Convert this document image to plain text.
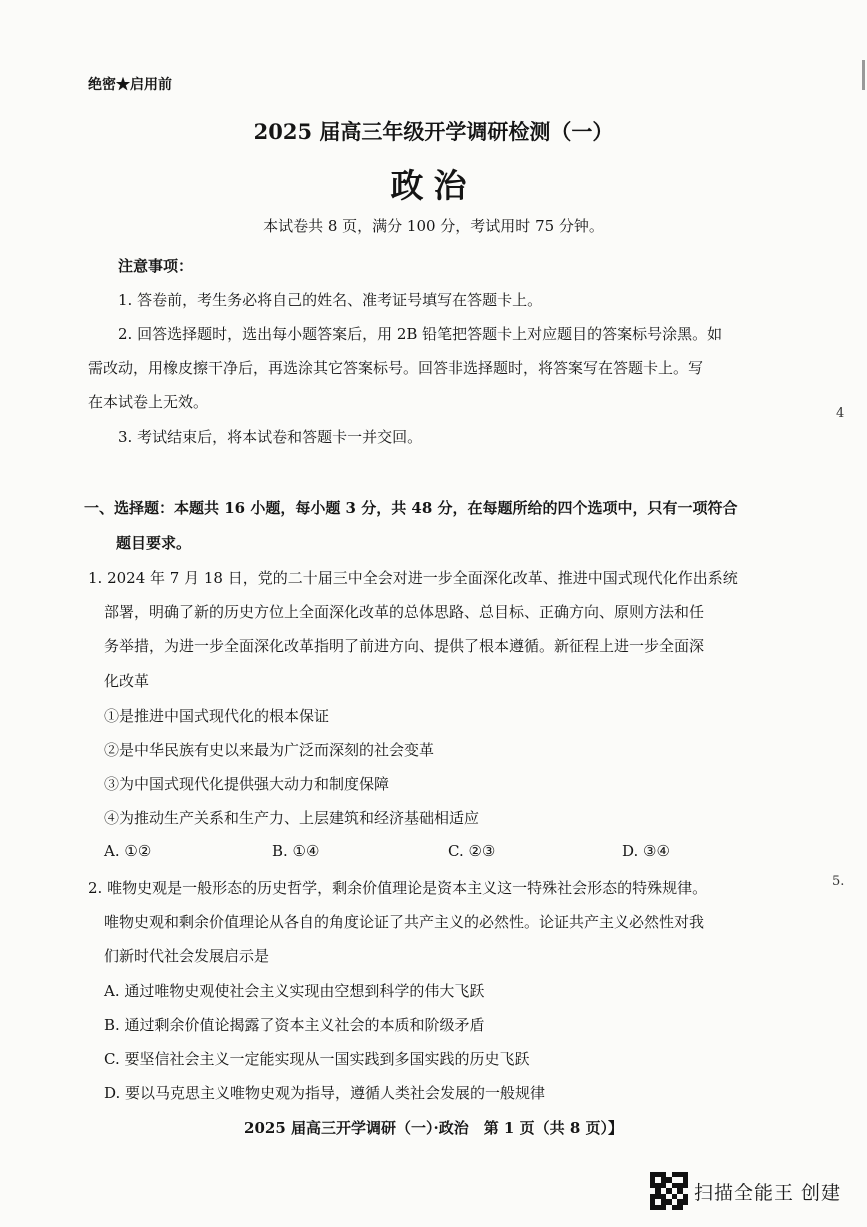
绝密★启用前
2025 届高三年级开学调研检测（一）
政治
本试卷共 8 页，满分 100 分，考试用时 75 分钟。
注意事项：
1. 答卷前，考生务必将自己的姓名、准考证号填写在答题卡上。
2. 回答选择题时，选出每小题答案后，用 2B 铅笔把答题卡上对应题目的答案标号涂黑。如
需改动，用橡皮擦干净后，再选涂其它答案标号。回答非选择题时，将答案写在答题卡上。写
在本试卷上无效。
3. 考试结束后，将本试卷和答题卡一并交回。
一、选择题：本题共 16 小题，每小题 3 分，共 48 分，在每题所给的四个选项中，只有一项符合
题目要求。
1. 2024 年 7 月 18 日，党的二十届三中全会对进一步全面深化改革、推进中国式现代化作出系统
部署，明确了新的历史方位上全面深化改革的总体思路、总目标、正确方向、原则方法和任
务举措，为进一步全面深化改革指明了前进方向、提供了根本遵循。新征程上进一步全面深
化改革
①是推进中国式现代化的根本保证
②是中华民族有史以来最为广泛而深刻的社会变革
③为中国式现代化提供强大动力和制度保障
④为推动生产关系和生产力、上层建筑和经济基础相适应
A. ①②	B. ①④	C. ②③	D. ③④
2. 唯物史观是一般形态的历史哲学，剩余价值理论是资本主义这一特殊社会形态的特殊规律。
唯物史观和剩余价值理论从各自的角度论证了共产主义的必然性。论证共产主义必然性对我
们新时代社会发展启示是
A. 通过唯物史观使社会主义实现由空想到科学的伟大飞跃
B. 通过剩余价值论揭露了资本主义社会的本质和阶级矛盾
C. 要坚信社会主义一定能实现从一国实践到多国实践的历史飞跃
D. 要以马克思主义唯物史观为指导，遵循人类社会发展的一般规律
2025 届高三开学调研（一）·政治　第 1 页（共 8 页）】
4
5.
扫描全能王 创建
